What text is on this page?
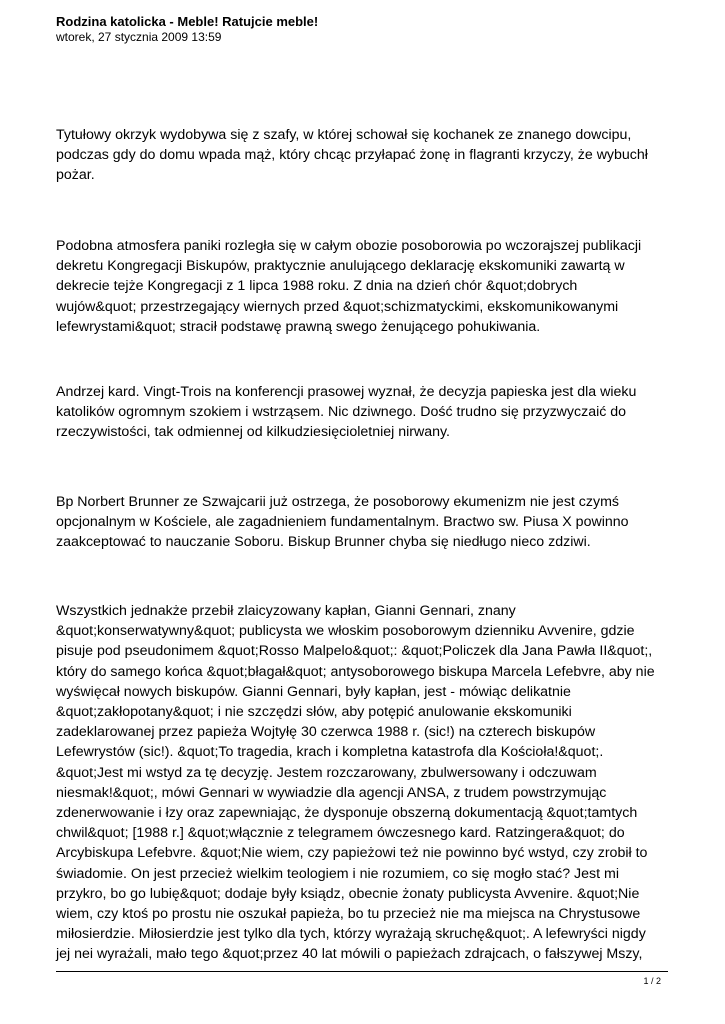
Rodzina katolicka - Meble! Ratujcie meble!

wtorek, 27 stycznia 2009 13:59

Tytułowy okrzyk wydobywa się z szafy, w której schował się kochanek ze znanego dowcipu,
podczas gdy do domu wpada mąż, który chcąc przyłapać żonę in flagranti krzyczy, że wybuchł
pożar.

Podobna atmosfera paniki rozległa się w całym obozie posoborowia po wczorajszej publikacji
dekretu Kongregacji Biskupów, praktycznie anulującego deklarację ekskomuniki zawartą w
dekrecie tejże Kongregacji z 1 lipca 1988 roku. Z dnia na dzień chór &quot;dobrych
wujów&quot; przestrzegający wiernych przed &quot;schizmatyckimi, ekskomunikowanymi
lefewrystami&quot; stracił podstawę prawną swego żenującego pohukiwania.

Andrzej kard. Vingt-Trois na konferencji prasowej wyznał, że decyzja papieska jest dla wieku
katolików ogromnym szokiem i wstrząsem. Nic dziwnego. Dość trudno się przyzwyczaić do
rzeczywistości, tak odmiennej od kilkudziesięcioletniej nirwany.

Bp Norbert Brunner ze Szwajcarii już ostrzega, że posoborowy ekumenizm nie jest czymś
opcjonalnym w Kościele, ale zagadnieniem fundamentalnym. Bractwo sw. Piusa X powinno
zaakceptować to nauczanie Soboru. Biskup Brunner chyba się niedługo nieco zdziwi.

Wszystkich jednakże przebił zlaicyzowany kapłan, Gianni Gennari, znany
&quot;konserwatywny&quot; publicysta we włoskim posoborowym dzienniku Avvenire, gdzie
pisuje pod pseudonimem &quot;Rosso Malpelo&quot;: &quot;Policzek dla Jana Pawła II&quot;,
który do samego końca &quot;błagał&quot; antysoborowego biskupa Marcela Lefebvre, aby nie
wyświęcał nowych biskupów. Gianni Gennari, były kapłan, jest - mówiąc delikatnie
&quot;zakłopotany&quot; i nie szczędzi słów, aby potępić anulowanie ekskomuniki
zadeklarowanej przez papieża Wojtyłę 30 czerwca 1988 r. (sic!) na czterech biskupów
Lefewrystów (sic!). &quot;To tragedia, krach i kompletna katastrofa dla Kościoła!&quot;.
&quot;Jest mi wstyd za tę decyzję. Jestem rozczarowany, zbulwersowany i odczuwam
niesmak!&quot;, mówi Gennari w wywiadzie dla agencji ANSA, z trudem powstrzymując
zdenerwowanie i łzy oraz zapewniając, że dysponuje obszerną dokumentacją &quot;tamtych
chwil&quot; [1988 r.] &quot;włącznie z telegramem ówczesnego kard. Ratzingera&quot; do
Arcybiskupa Lefebvre. &quot;Nie wiem, czy papieżowi też nie powinno być wstyd, czy zrobił to
świadomie. On jest przecież wielkim teologiem i nie rozumiem, co się mogło stać? Jest mi
przykro, bo go lubię&quot; dodaje były ksiądz, obecnie żonaty publicysta Avvenire. &quot;Nie
wiem, czy ktoś po prostu nie oszukał papieża, bo tu przecież nie ma miejsca na Chrystusowe
miłosierdzie. Miłosierdzie jest tylko dla tych, którzy wyrażają skruchę&quot;. A lefewryści nigdy
jej nei wyrażali, mało tego &quot;przez 40 lat mówili o papieżach zdrajcach, o fałszywej Mszy,

1 / 2
